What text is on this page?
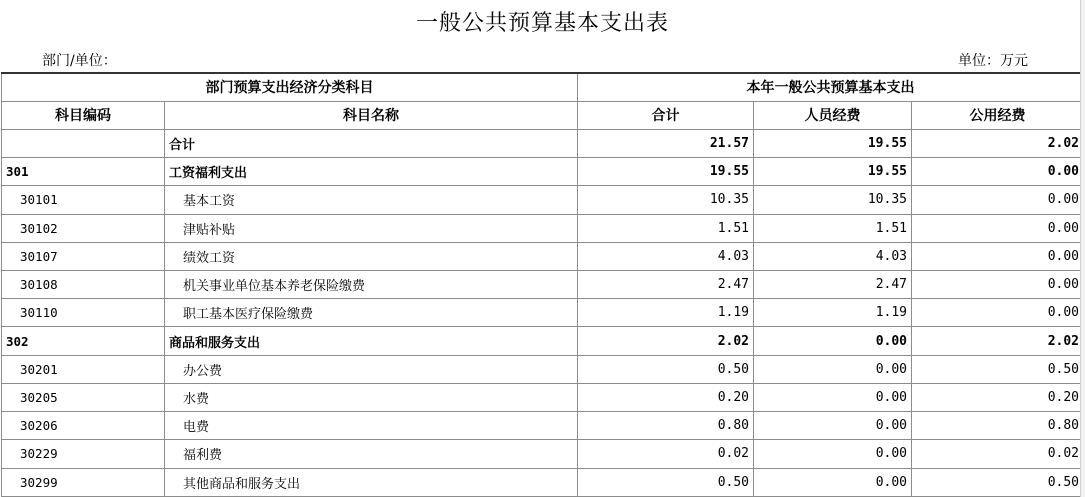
一般公共预算基本支出表
部门/单位：	单位：万元
部门预算支出经济分类科目		本年一般公共预算基本支出		
科目编码	科目名称	合计	人员经费	公用经费
	合计	21.57	19.55	2.02
301	工资福利支出	19.55	19.55	0.00
30101	基本工资	10.35	10.35	0.00
30102	津贴补贴	1.51	1.51	0.00
30107	绩效工资	4.03	4.03	0.00
30108	机关事业单位基本养老保险缴费	2.47	2.47	0.00
30110	职工基本医疗保险缴费	1.19	1.19	0.00
302	商品和服务支出	2.02	0.00	2.02
30201	办公费	0.50	0.00	0.50
30205	水费	0.20	0.00	0.20
30206	电费	0.80	0.00	0.80
30229	福利费	0.02	0.00	0.02
30299	其他商品和服务支出	0.50	0.00	0.50
